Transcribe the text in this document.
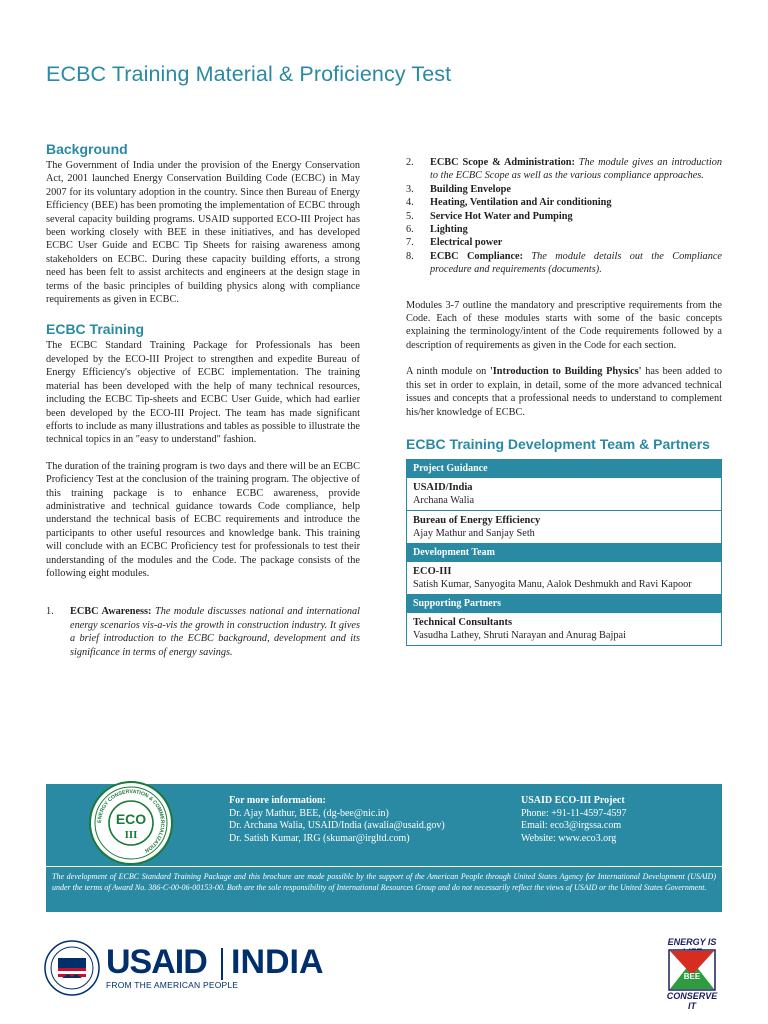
ECBC Training Material & Proficiency Test
Background

The Government of India under the provision of the Energy Conservation Act, 2001 launched Energy Conservation Building Code (ECBC) in May 2007 for its voluntary adoption in the country. Since then Bureau of Energy Efficiency (BEE) has been promoting the implementation of ECBC through several capacity building programs. USAID supported ECO-III Project has been working closely with BEE in these initiatives, and has developed ECBC User Guide and ECBC Tip Sheets for raising awareness among stakeholders on ECBC. During these capacity building efforts, a strong need has been felt to assist architects and engineers at the design stage in terms of the basic principles of building physics along with compliance requirements as given in ECBC.

ECBC Training

The ECBC Standard Training Package for Professionals has been developed by the ECO-III Project to strengthen and expedite Bureau of Energy Efficiency's objective of ECBC implementation. The training material has been developed with the help of many technical resources, including the ECBC Tip-sheets and ECBC User Guide, which had earlier been developed by the ECO-III Project. The team has made significant efforts to include as many illustrations and tables as possible to illustrate the technical topics in an "easy to understand" fashion.

The duration of the training program is two days and there will be an ECBC Proficiency Test at the conclusion of the training program. The objective of this training package is to enhance ECBC awareness, provide administrative and technical guidance towards Code compliance, help understand the technical basis of ECBC requirements and introduce the participants to other useful resources and knowledge bank. This training will conclude with an ECBC Proficiency test for professionals to test their understanding of the modules and the Code. The package consists of the following eight modules.

1. ECBC Awareness: The module discusses national and international energy scenarios vis-a-vis the growth in construction industry. It gives a brief introduction to the ECBC background, development and its significance in terms of energy savings.
2. ECBC Scope & Administration: The module gives an introduction to the ECBC Scope as well as the various compliance approaches.
3. Building Envelope
4. Heating, Ventilation and Air conditioning
5. Service Hot Water and Pumping
6. Lighting
7. Electrical power
8. ECBC Compliance: The module details out the Compliance procedure and requirements (documents).

Modules 3-7 outline the mandatory and prescriptive requirements from the Code. Each of these modules starts with some of the basic concepts explaining the terminology/intent of the Code requirements followed by a description of requirements as given in the Code for each section.

A ninth module on 'Introduction to Building Physics' has been added to this set in order to explain, in detail, some of the more advanced technical issues and concepts that a professional needs to understand to complement his/her knowledge of ECBC.

ECBC Training Development Team & Partners
Project Guidance
USAID/India
Archana Walia
Bureau of Energy Efficiency
Ajay Mathur and Sanjay Seth
Development Team
ECO-III
Satish Kumar, Sanyogita Manu, Aalok Deshmukh and Ravi Kapoor
Supporting Partners
Technical Consultants
Vasudha Lathey, Shruti Narayan and Anurag Bajpai
ENERGY CONSERVATION & COMMERCIALIZATION
ECO
III
For more information:
Dr. Ajay Mathur, BEE, (dg-bee@nic.in)
Dr. Archana Walia, USAID/India (awalia@usaid.gov)
Dr. Satish Kumar, IRG (skumar@irgltd.com)
USAID ECO-III Project
Phone: +91-11-4597-4597
Email: eco3@irgssa.com
Website: www.eco3.org
The development of ECBC Standard Training Package and this brochure are made possible by the support of the American People through United States Agency for International Development (USAID) under the terms of Award No. 386-C-00-06-00153-00. Both are the sole responsibility of International Resources Group and do not necessarily reflect the views of USAID or the United States Government.
USAID INDIA
FROM THE AMERICAN PEOPLE
ENERGY IS
BEE
CONSERVE IT
